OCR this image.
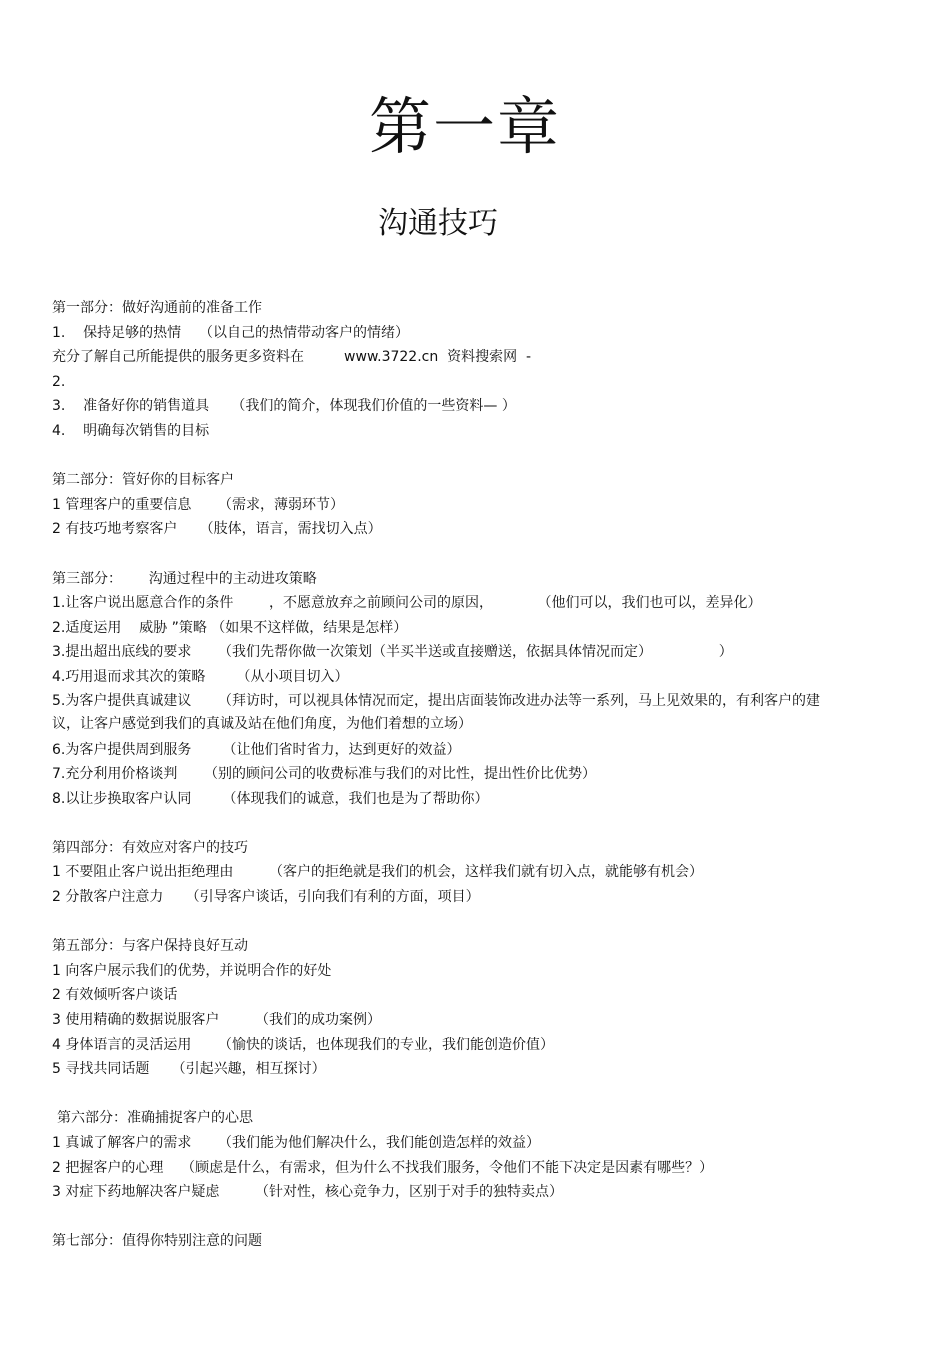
第一章
沟通技巧
第一部分：做好沟通前的准备工作
1.    保持足够的热情    （以自己的热情带动客户的情绪）
充分了解自己所能提供的服务更多资料在         www.3722.cn  资料搜索网  -
2.
3.    准备好你的销售道具     （我们的简介，体现我们价值的一些资料— ）
4.    明确每次销售的目标
第二部分：管好你的目标客户
1 管理客户的重要信息      （需求，薄弱环节）
2 有技巧地考察客户     （肢体，语言，需找切入点）
第三部分：      沟通过程中的主动进攻策略
1.让客户说出愿意合作的条件        ，不愿意放弃之前顾问公司的原因，          （他们可以，我们也可以，差异化）
2.适度运用    威胁 ”策略 （如果不这样做，结果是怎样）
3.提出超出底线的要求      （我们先帮你做一次策划（半买半送或直接赠送，依据具体情况而定）               ）
4.巧用退而求其次的策略       （从小项目切入）
5.为客户提供真诚建议      （拜访时，可以视具体情况而定，提出店面装饰改进办法等一系列，马上见效果的，有利客户的建议，让客户感觉到我们的真诚及站在他们角度，为他们着想的立场）
6.为客户提供周到服务       （让他们省时省力，达到更好的效益）
7.充分利用价格谈判      （别的顾问公司的收费标准与我们的对比性，提出性价比优势）
8.以让步换取客户认同       （体现我们的诚意，我们也是为了帮助你）
第四部分：有效应对客户的技巧
1 不要阻止客户说出拒绝理由        （客户的拒绝就是我们的机会，这样我们就有切入点，就能够有机会）
2 分散客户注意力     （引导客户谈话，引向我们有利的方面，项目）
第五部分：与客户保持良好互动
1 向客户展示我们的优势，并说明合作的好处
2 有效倾听客户谈话
3 使用精确的数据说服客户        （我们的成功案例）
4 身体语言的灵活运用      （愉快的谈话，也体现我们的专业，我们能创造价值）
5 寻找共同话题     （引起兴趣，相互探讨）
第六部分：准确捕捉客户的心思
1 真诚了解客户的需求      （我们能为他们解决什么，我们能创造怎样的效益）
2 把握客户的心理    （顾虑是什么，有需求，但为什么不找我们服务，令他们不能下决定是因素有哪些？）
3 对症下药地解决客户疑虑        （针对性，核心竞争力，区别于对手的独特卖点）
第七部分：值得你特别注意的问题
